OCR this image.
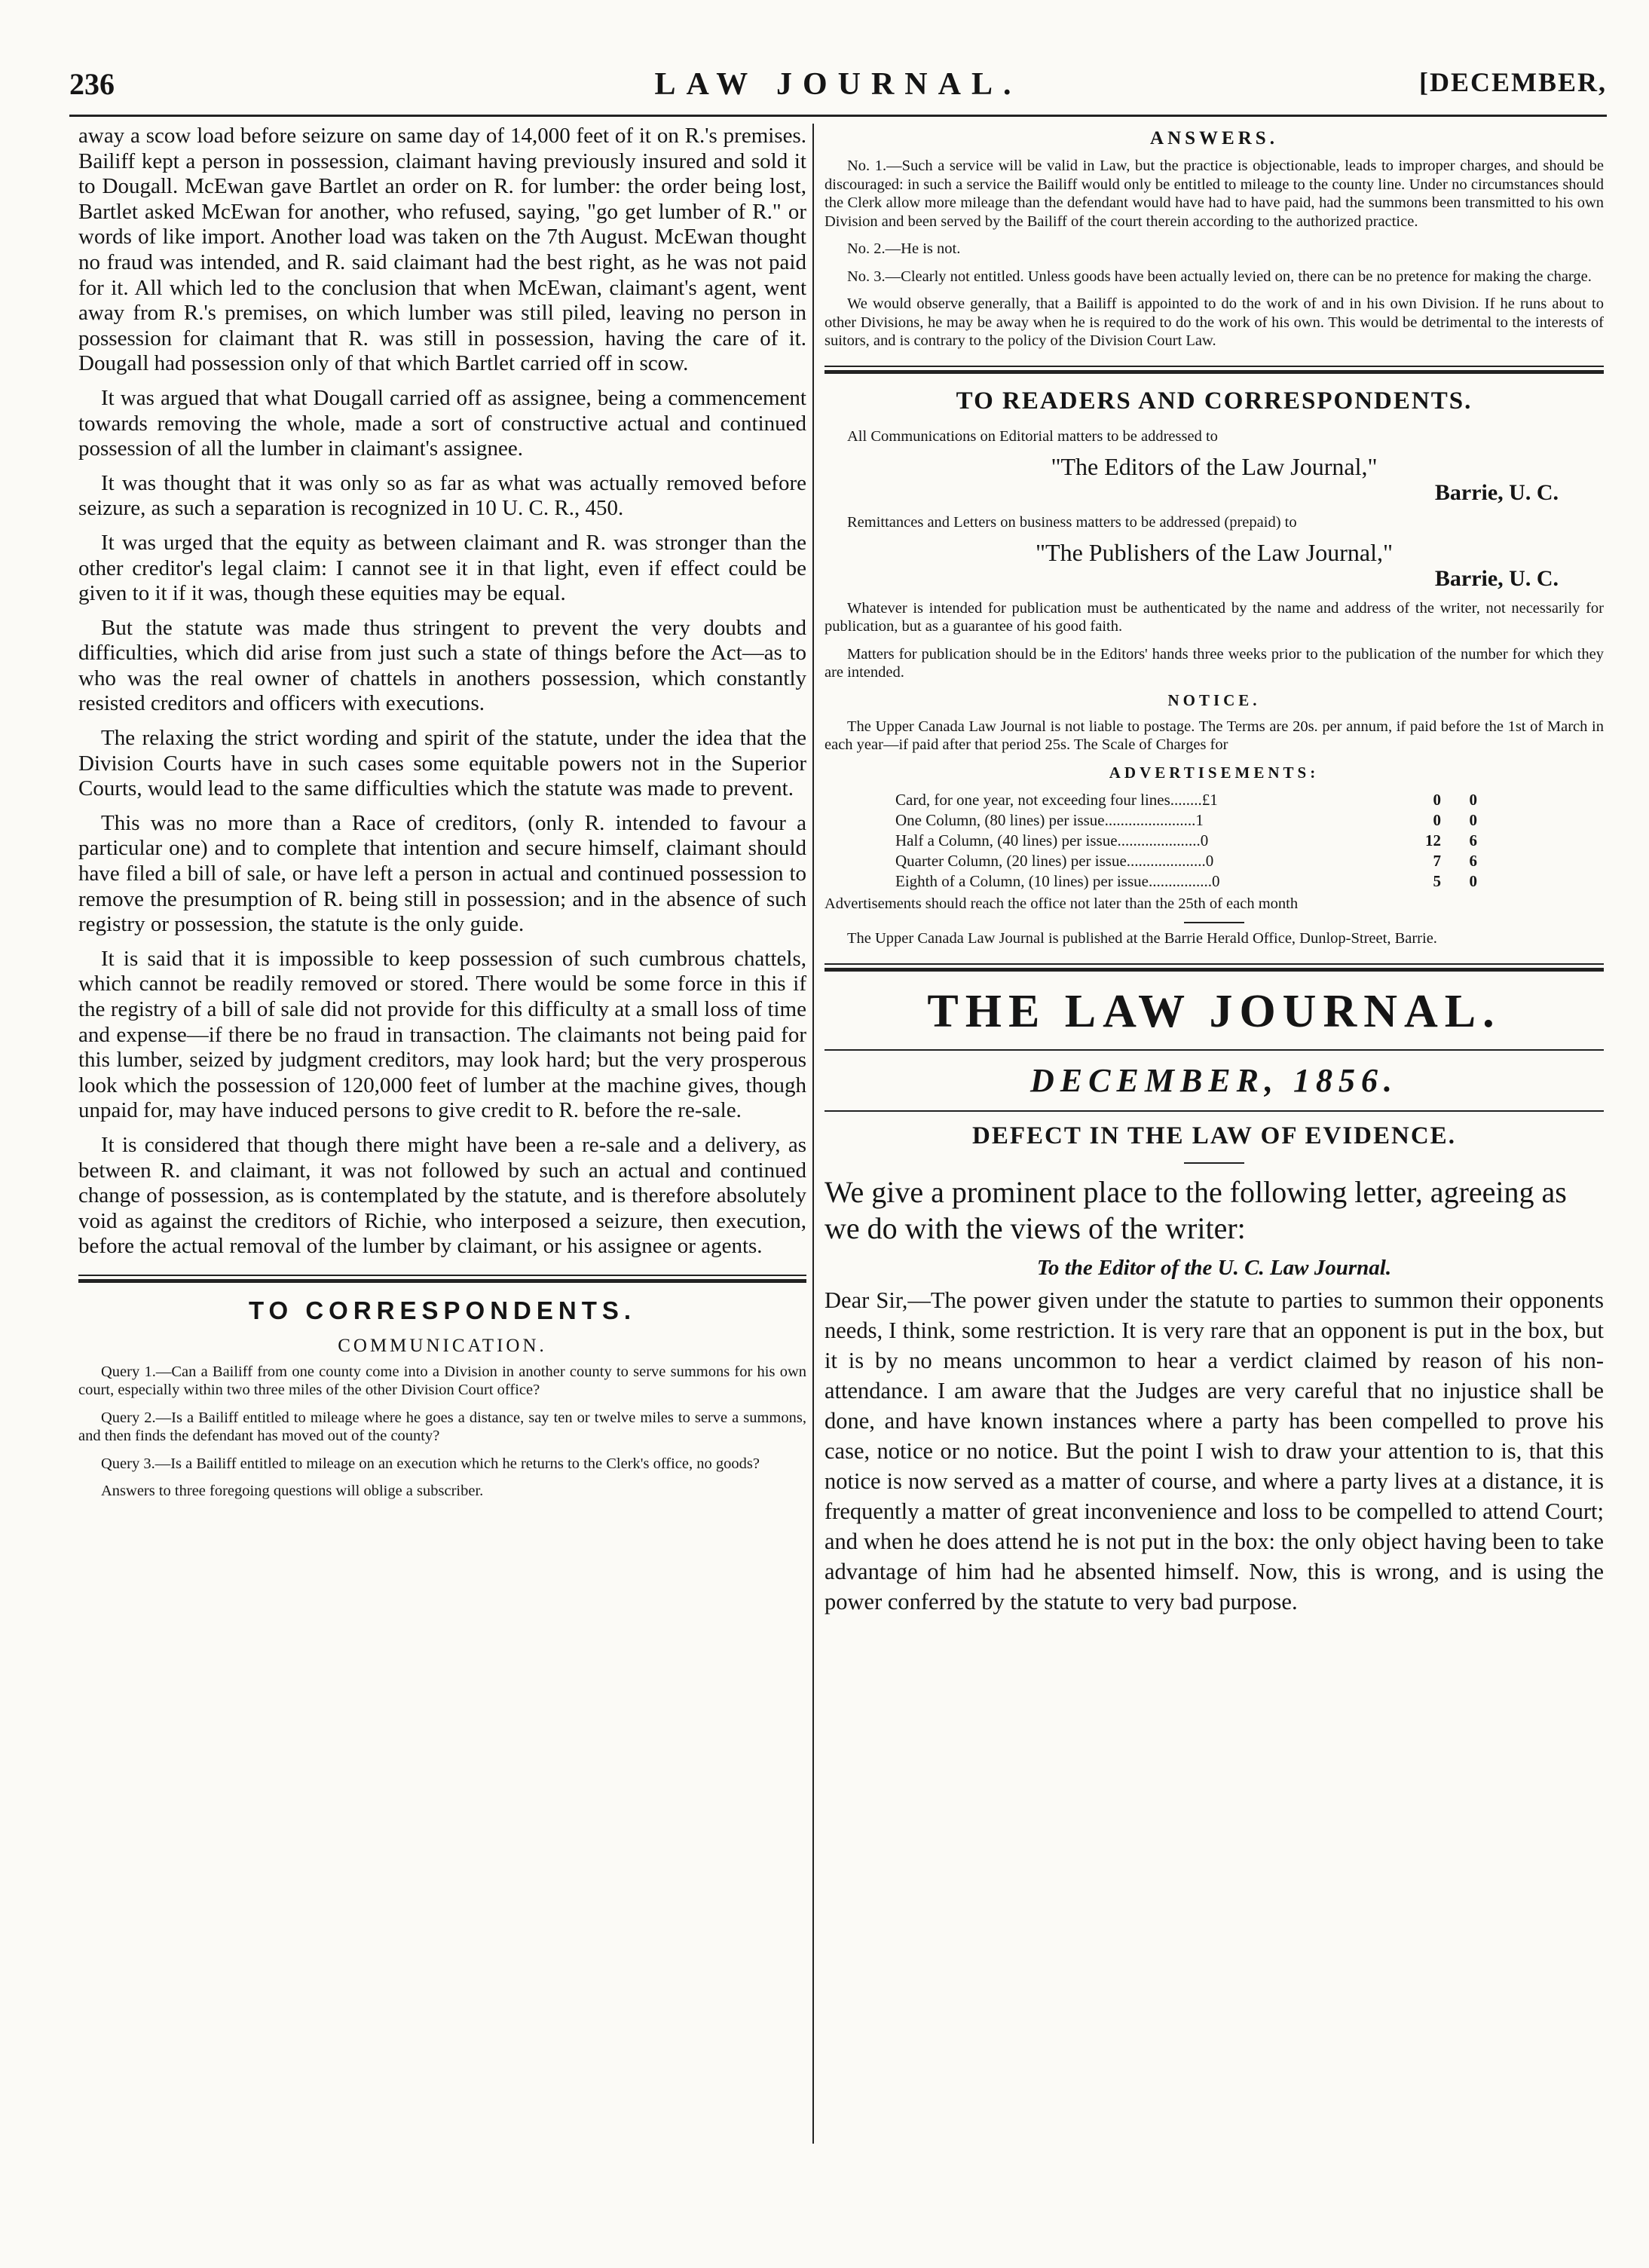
236	LAW JOURNAL.	[DECEMBER,

away a scow load before seizure on same day of 14,000 feet of it on R.'s premises. Bailiff kept a person in possession, claimant having previously insured and sold it to Dougall. McEwan gave Bartlet an order on R. for lumber: the order being lost, Bartlet asked McEwan for another, who refused, saying, "go get lumber of R." or words of like import. Another load was taken on the 7th August. McEwan thought no fraud was intended, and R. said claimant had the best right, as he was not paid for it. All which led to the conclusion that when McEwan, claimant's agent, went away from R.'s premises, on which lumber was still piled, leaving no person in possession for claimant that R. was still in possession, having the care of it. Dougall had possession only of that which Bartlet carried off in scow.

It was argued that what Dougall carried off as assignee, being a commencement towards removing the whole, made a sort of constructive actual and continued possession of all the lumber in claimant's assignee.

It was thought that it was only so as far as what was actually removed before seizure, as such a separation is recognized in 10 U. C. R., 450.

It was urged that the equity as between claimant and R. was stronger than the other creditor's legal claim: I cannot see it in that light, even if effect could be given to it if it was, though these equities may be equal.

But the statute was made thus stringent to prevent the very doubts and difficulties, which did arise from just such a state of things before the Act—as to who was the real owner of chattels in anothers possession, which constantly resisted creditors and officers with executions.

The relaxing the strict wording and spirit of the statute, under the idea that the Division Courts have in such cases some equitable powers not in the Superior Courts, would lead to the same difficulties which the statute was made to prevent.

This was no more than a Race of creditors, (only R. intended to favour a particular one) and to complete that intention and secure himself, claimant should have filed a bill of sale, or have left a person in actual and continued possession to remove the presumption of R. being still in possession; and in the absence of such registry or possession, the statute is the only guide.

It is said that it is impossible to keep possession of such cumbrous chattels, which cannot be readily removed or stored. There would be some force in this if the registry of a bill of sale did not provide for this difficulty at a small loss of time and expense—if there be no fraud in transaction. The claimants not being paid for this lumber, seized by judgment creditors, may look hard; but the very prosperous look which the possession of 120,000 feet of lumber at the machine gives, though unpaid for, may have induced persons to give credit to R. before the re-sale.

It is considered that though there might have been a re-sale and a delivery, as between R. and claimant, it was not followed by such an actual and continued change of possession, as is contemplated by the statute, and is therefore absolutely void as against the creditors of Richie, who interposed a seizure, then execution, before the actual removal of the lumber by claimant, or his assignee or agents.

TO CORRESPONDENTS.
COMMUNICATION.

Query 1.—Can a Bailiff from one county come into a Division in another county to serve summons for his own court, especially within two three miles of the other Division Court office?

Query 2.—Is a Bailiff entitled to mileage where he goes a distance, say ten or twelve miles to serve a summons, and then finds the defendant has moved out of the county?

Query 3.—Is a Bailiff entitled to mileage on an execution which he returns to the Clerk's office, no goods?

Answers to three foregoing questions will oblige a subscriber.

ANSWERS.

No. 1.—Such a service will be valid in Law, but the practice is objectionable, leads to improper charges, and should be discouraged: in such a service the Bailiff would only be entitled to mileage to the county line. Under no circumstances should the Clerk allow more mileage than the defendant would have had to have paid, had the summons been transmitted to his own Division and been served by the Bailiff of the court therein according to the authorized practice.

No. 2.—He is not.

No. 3.—Clearly not entitled. Unless goods have been actually levied on, there can be no pretence for making the charge.

We would observe generally, that a Bailiff is appointed to do the work of and in his own Division. If he runs about to other Divisions, he may be away when he is required to do the work of his own. This would be detrimental to the interests of suitors, and is contrary to the policy of the Division Court Law.

TO READERS AND CORRESPONDENTS.

All Communications on Editorial matters to be addressed to

"The Editors of the Law Journal,"

Barrie, U. C.

Remittances and Letters on business matters to be addressed (prepaid) to

"The Publishers of the Law Journal,"

Barrie, U. C.

Whatever is intended for publication must be authenticated by the name and address of the writer, not necessarily for publication, but as a guarantee of his good faith.

Matters for publication should be in the Editors' hands three weeks prior to the publication of the number for which they are intended.

NOTICE.

The Upper Canada Law Journal is not liable to postage. The Terms are 20s. per annum, if paid before the 1st of March in each year—if paid after that period 25s. The Scale of Charges for

ADVERTISEMENTS:
Card, for one year, not exceeding four lines........£1	0	0
One Column, (80 lines) per issue.......................1	0	0
Half a Column, (40 lines) per issue.....................0	12	6
Quarter Column, (20 lines) per issue....................0	7	6
Eighth of a Column, (10 lines) per issue................0	5	0

Advertisements should reach the office not later than the 25th of each month

The Upper Canada Law Journal is published at the Barrie Herald Office, Dunlop-Street, Barrie.

THE LAW JOURNAL.
DECEMBER, 1856.
DEFECT IN THE LAW OF EVIDENCE.

We give a prominent place to the following letter, agreeing as we do with the views of the writer:

To the Editor of the U. C. Law Journal.

Dear Sir,—The power given under the statute to parties to summon their opponents needs, I think, some restriction. It is very rare that an opponent is put in the box, but it is by no means uncommon to hear a verdict claimed by reason of his non-attendance. I am aware that the Judges are very careful that no injustice shall be done, and have known instances where a party has been compelled to prove his case, notice or no notice. But the point I wish to draw your attention to is, that this notice is now served as a matter of course, and where a party lives at a distance, it is frequently a matter of great inconvenience and loss to be compelled to attend Court; and when he does attend he is not put in the box: the only object having been to take advantage of him had he absented himself. Now, this is wrong, and is using the power conferred by the statute to very bad purpose.
